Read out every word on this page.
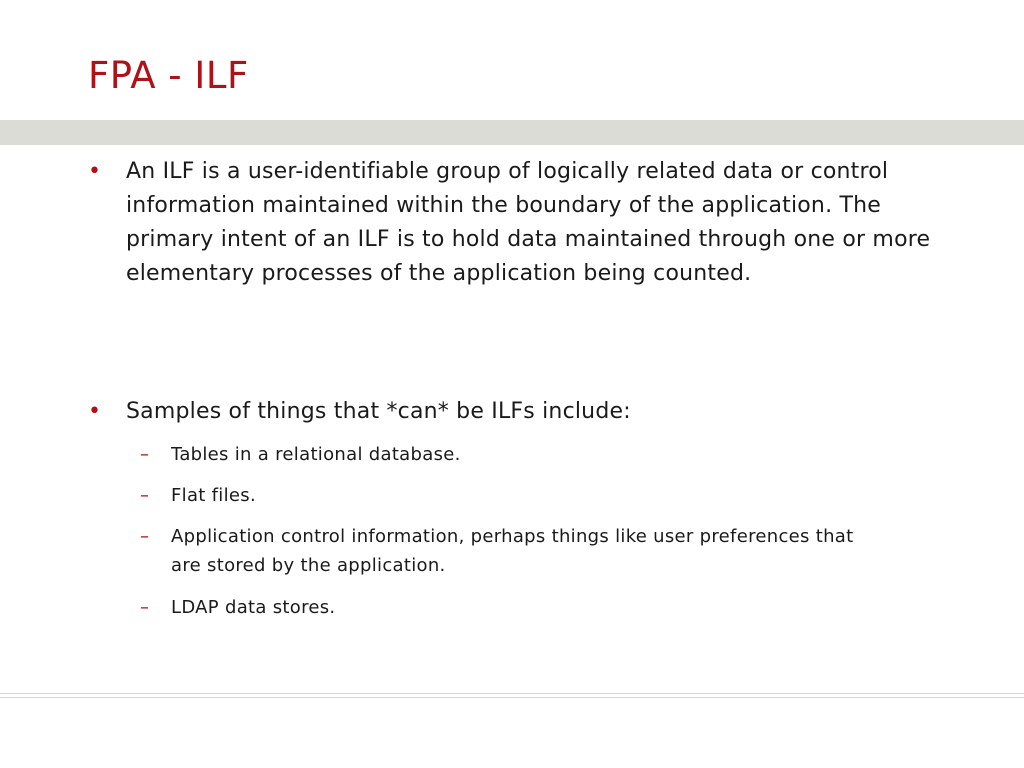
FPA - ILF
•	An ILF is a user-identifiable group of logically related data or control information maintained within the boundary of the application. The primary intent of an ILF is to hold data maintained through one or more elementary processes of the application being counted.

•	Samples of things that *can* be ILFs include:

– Tables in a relational database.

– Flat files.

– Application control information, perhaps things like user preferences that are stored by the application.

– LDAP data stores.
